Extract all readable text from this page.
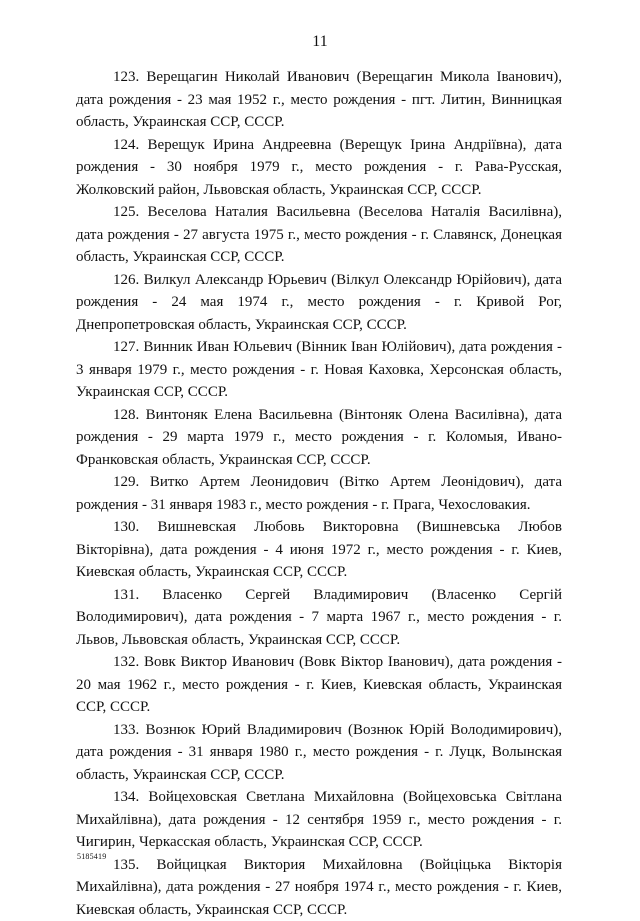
11

123. Верещагин Николай Иванович (Верещагин Микола Іванович), дата рождения - 23 мая 1952 г., место рождения - пгт. Литин, Винницкая область, Украинская ССР, СССР.

124. Верещук Ирина Андреевна (Верещук Ірина Андріївна), дата рождения - 30 ноября 1979 г., место рождения - г. Рава-Русская, Жолковский район, Львовская область, Украинская ССР, СССР.

125. Веселова Наталия Васильевна (Веселова Наталія Василівна), дата рождения - 27 августа 1975 г., место рождения - г. Славянск, Донецкая область, Украинская ССР, СССР.

126. Вилкул Александр Юрьевич (Вілкул Олександр Юрійович), дата рождения - 24 мая 1974 г., место рождения - г. Кривой Рог, Днепропетровская область, Украинская ССР, СССР.

127. Винник Иван Юльевич (Вінник Іван Юлійович), дата рождения - 3 января 1979 г., место рождения - г. Новая Каховка, Херсонская область, Украинская ССР, СССР.

128. Винтоняк Елена Васильевна (Вінтоняк Олена Василівна), дата рождения - 29 марта 1979 г., место рождения - г. Коломыя, Ивано-Франковская область, Украинская ССР, СССР.

129. Витко Артем Леонидович (Вітко Артем Леонідович), дата рождения - 31 января 1983 г., место рождения - г. Прага, Чехословакия.

130. Вишневская Любовь Викторовна (Вишневська Любов Вікторівна), дата рождения - 4 июня 1972 г., место рождения - г. Киев, Киевская область, Украинская ССР, СССР.

131. Власенко Сергей Владимирович (Власенко Сергій Володимирович), дата рождения - 7 марта 1967 г., место рождения - г. Львов, Львовская область, Украинская ССР, СССР.

132. Вовк Виктор Иванович (Вовк Віктор Іванович), дата рождения - 20 мая 1962 г., место рождения - г. Киев, Киевская область, Украинская ССР, СССР.

133. Вознюк Юрий Владимирович (Вознюк Юрій Володимирович), дата рождения - 31 января 1980 г., место рождения - г. Луцк, Волынская область, Украинская ССР, СССР.

134. Войцеховская Светлана Михайловна (Войцеховська Світлана Михайлівна), дата рождения - 12 сентября 1959 г., место рождения - г. Чигирин, Черкасская область, Украинская ССР, СССР.

135. Войцицкая Виктория Михайловна (Войціцька Вікторія Михайлівна), дата рождения - 27 ноября 1974 г., место рождения - г. Киев, Киевская область, Украинская ССР, СССР.

5185419
